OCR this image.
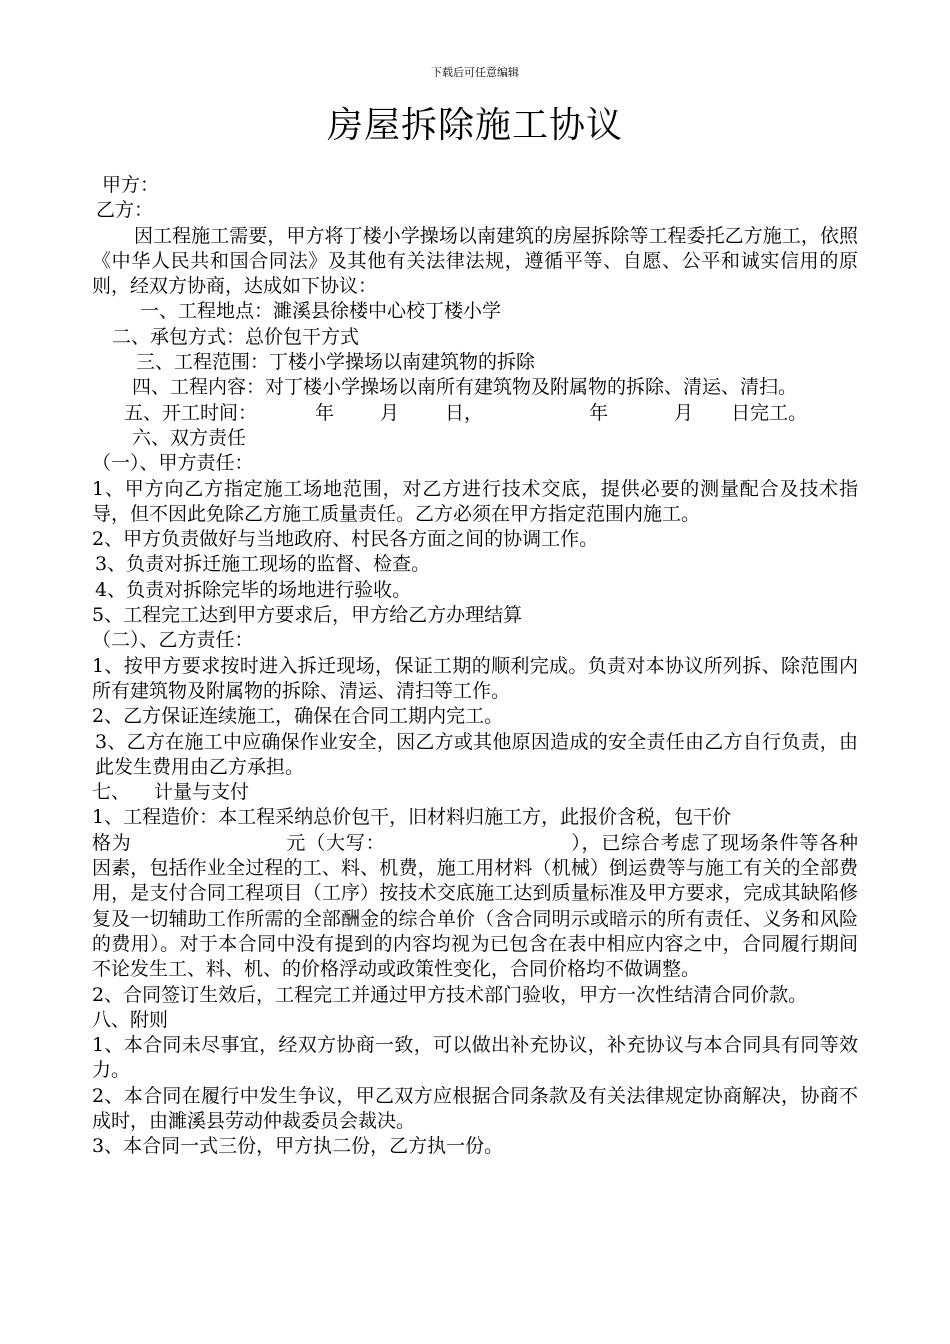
下载后可任意编辑
房屋拆除施工协议

甲方：

乙方：

因工程施工需要，甲方将丁楼小学操场以南建筑的房屋拆除等工程委托乙方施工，依照《中华人民共和国合同法》及其他有关法律法规，遵循平等、自愿、公平和诚实信用的原则，经双方协商，达成如下协议：

一、工程地点：濉溪县徐楼中心校丁楼小学

二、承包方式：总价包干方式

三、工程范围：丁楼小学操场以南建筑物的拆除

四、工程内容：对丁楼小学操场以南所有建筑物及附属物的拆除、清运、清扫。

五、开工时间：	年 月 日，	年	月 日完工。

六、双方责任

（一）、甲方责任：

1、甲方向乙方指定施工场地范围，对乙方进行技术交底，提供必要的测量配合及技术指导，但不因此免除乙方施工质量责任。乙方必须在甲方指定范围内施工。

2、甲方负责做好与当地政府、村民各方面之间的协调工作。

3、负责对拆迁施工现场的监督、检查。

4、负责对拆除完毕的场地进行验收。

5、工程完工达到甲方要求后，甲方给乙方办理结算

（二）、乙方责任：

1、按甲方要求按时进入拆迁现场，保证工期的顺利完成。负责对本协议所列拆、除范围内所有建筑物及附属物的拆除、清运、清扫等工作。

2、乙方保证连续施工，确保在合同工期内完工。

3、乙方在施工中应确保作业安全，因乙方或其他原因造成的安全责任由乙方自行负责，由此发生费用由乙方承担。

七、 计量与支付

1、工程造价：本工程采纳总价包干，旧材料归施工方，此报价含税，包干价
格为	元（大写：	），已综合考虑了现场条件等各种因素，包括作业全过程的工、料、机费，施工用材料（机械）倒运费等与施工有关的全部费用，是支付合同工程项目（工序）按技术交底施工达到质量标准及甲方要求，完成其缺陷修复及一切辅助工作所需的全部酬金的综合单价（含合同明示或暗示的所有责任、义务和风险的费用）。对于本合同中没有提到的内容均视为已包含在表中相应内容之中，合同履行期间不论发生工、料、机、的价格浮动或政策性变化，合同价格均不做调整。

2、合同签订生效后，工程完工并通过甲方技术部门验收，甲方一次性结清合同价款。

八、附则

1、本合同未尽事宜，经双方协商一致，可以做出补充协议，补充协议与本合同具有同等效力。

2、本合同在履行中发生争议，甲乙双方应根据合同条款及有关法律规定协商解决，协商不成时，由濉溪县劳动仲裁委员会裁决。

3、本合同一式三份，甲方执二份，乙方执一份。
